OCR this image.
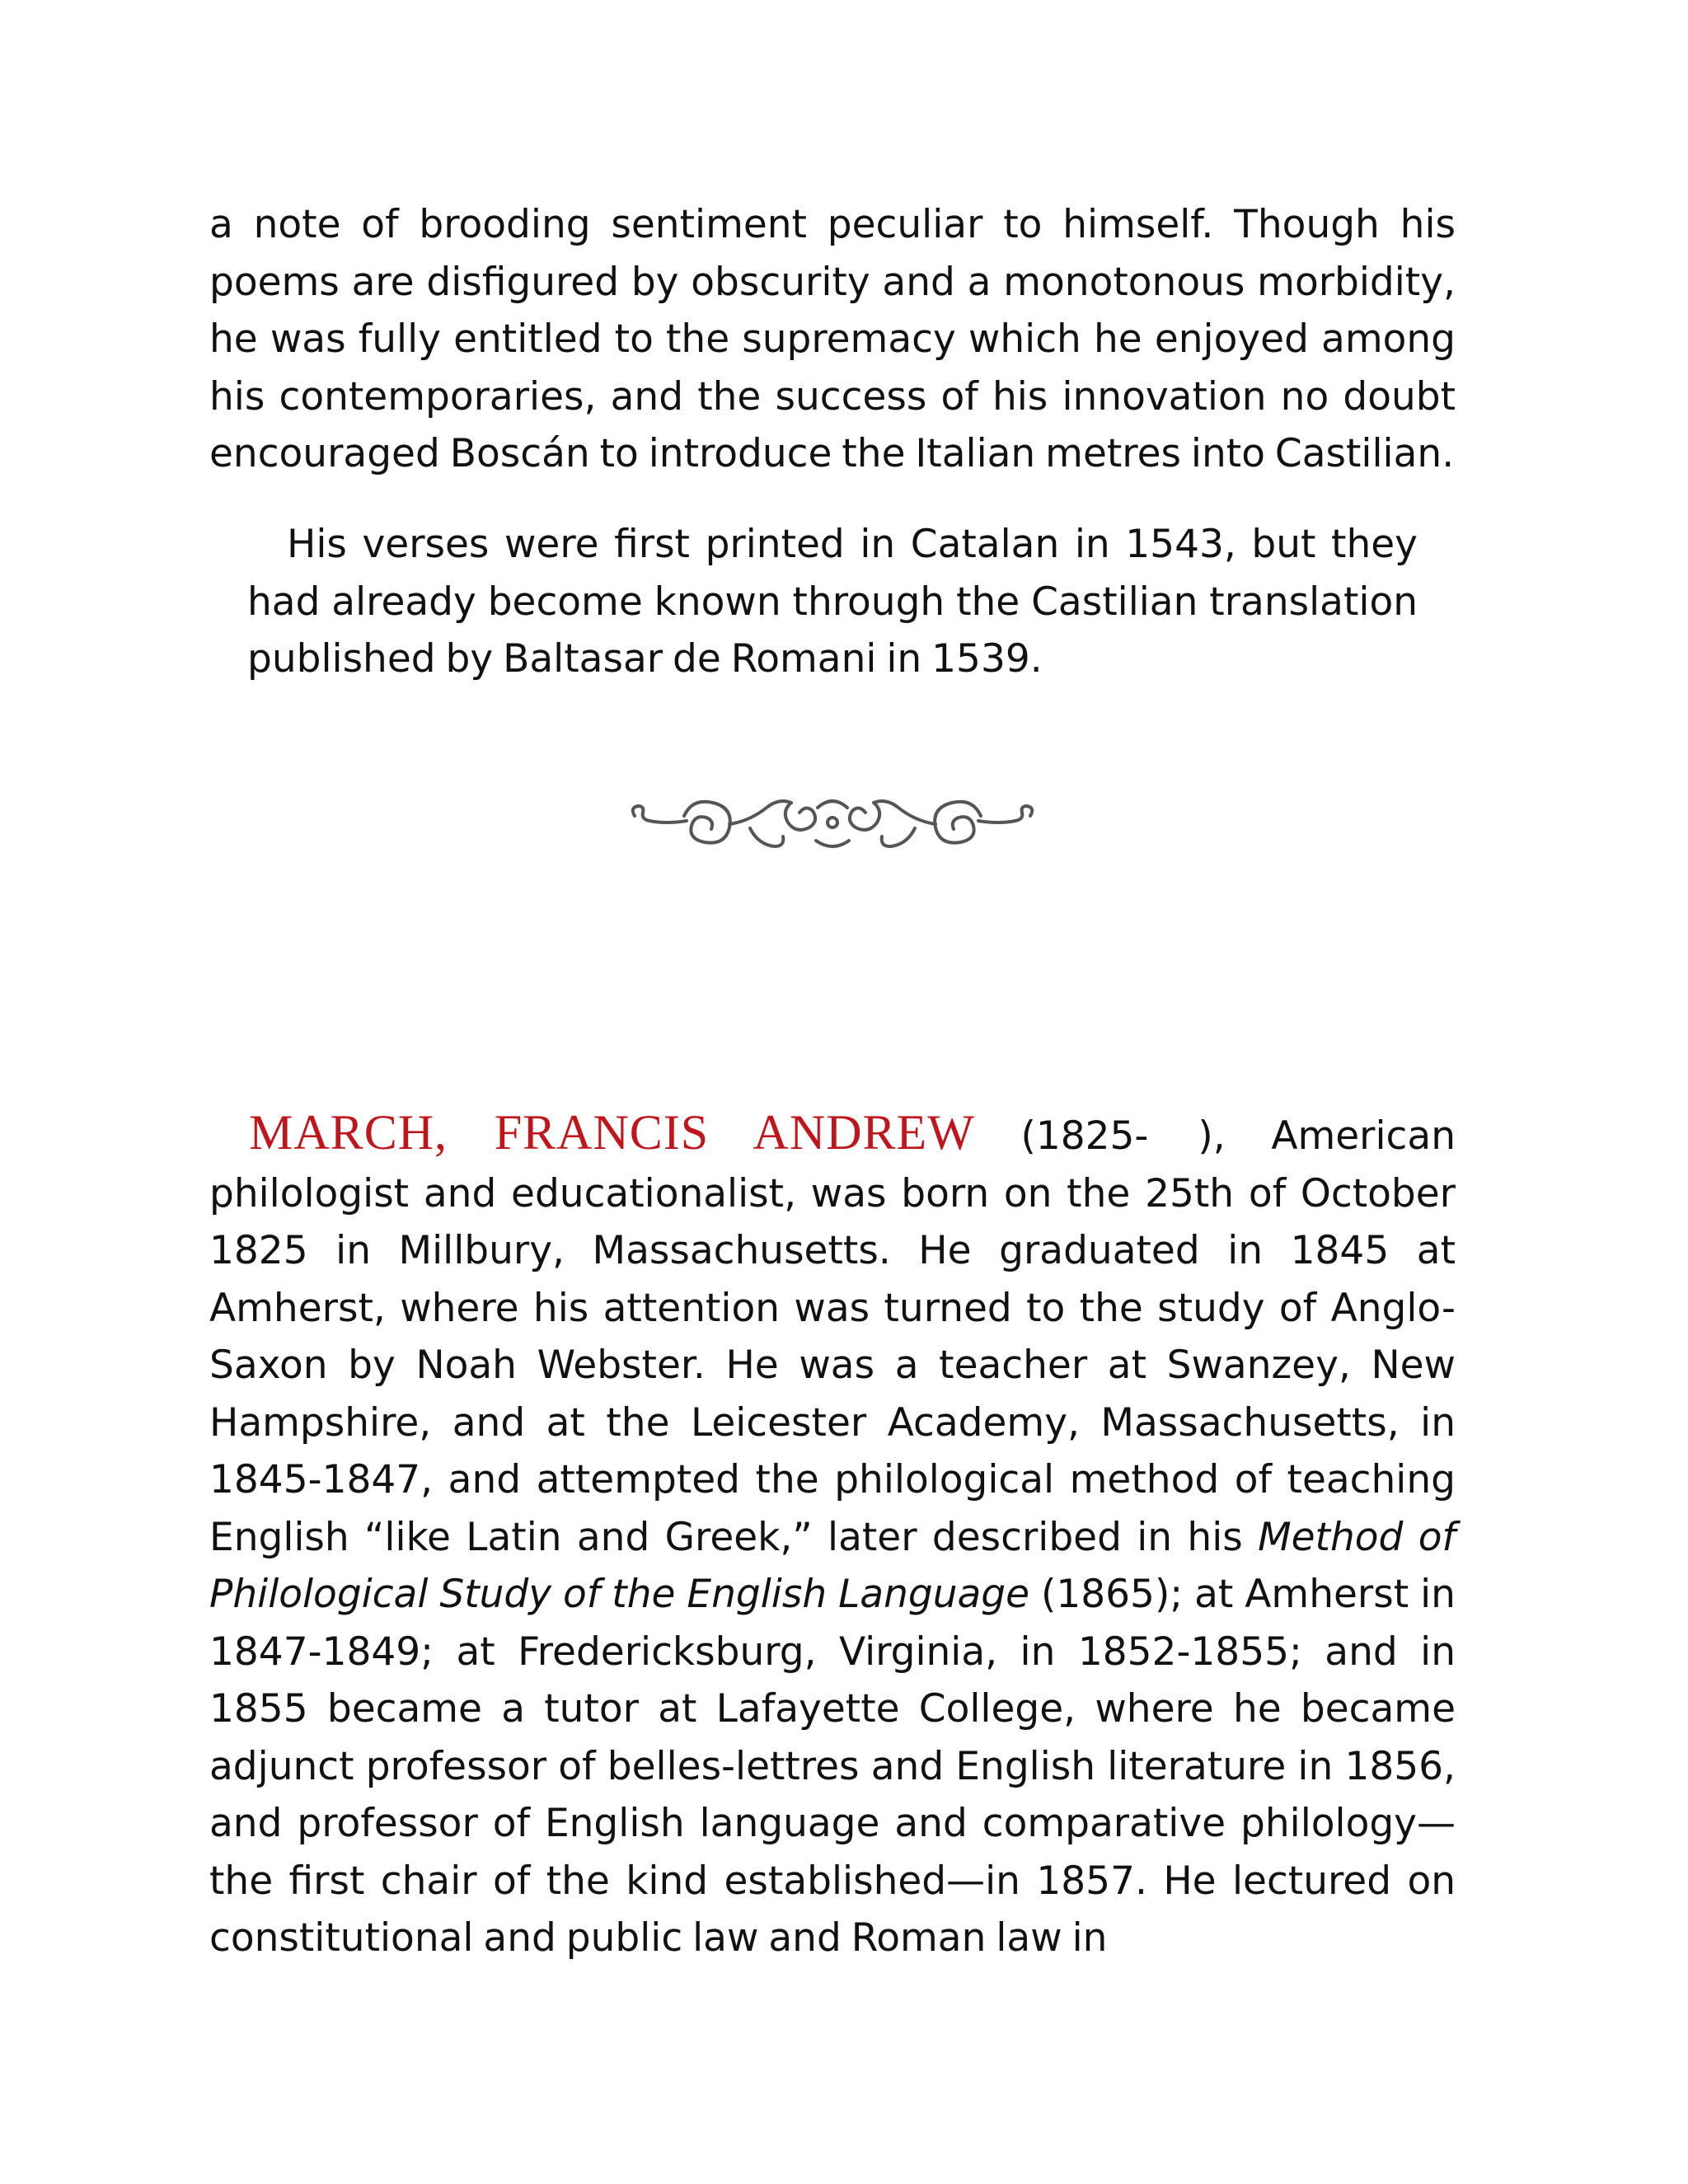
a note of brooding sentiment peculiar to himself. Though his poems are disfigured by obscurity and a monotonous morbidity, he was fully entitled to the supremacy which he enjoyed among his contemporaries, and the success of his innovation no doubt encouraged Boscán to introduce the Italian metres into Castilian.

His verses were first printed in Catalan in 1543, but they had already become known through the Castilian translation published by Baltasar de Romani in 1539.

MARCH, FRANCIS ANDREW (1825- ), American philologist and educationalist, was born on the 25th of October 1825 in Millbury, Massachusetts. He graduated in 1845 at Amherst, where his attention was turned to the study of Anglo-Saxon by Noah Webster. He was a teacher at Swanzey, New Hampshire, and at the Leicester Academy, Massachusetts, in 1845-1847, and attempted the philological method of teaching English “like Latin and Greek,” later described in his Method of Philological Study of the English Language (1865); at Amherst in 1847-1849; at Fredericksburg, Virginia, in 1852-1855; and in 1855 became a tutor at Lafayette College, where he became adjunct professor of belles-lettres and English literature in 1856, and professor of English language and comparative philology—the first chair of the kind established—in 1857. He lectured on constitutional and public law and Roman law in
